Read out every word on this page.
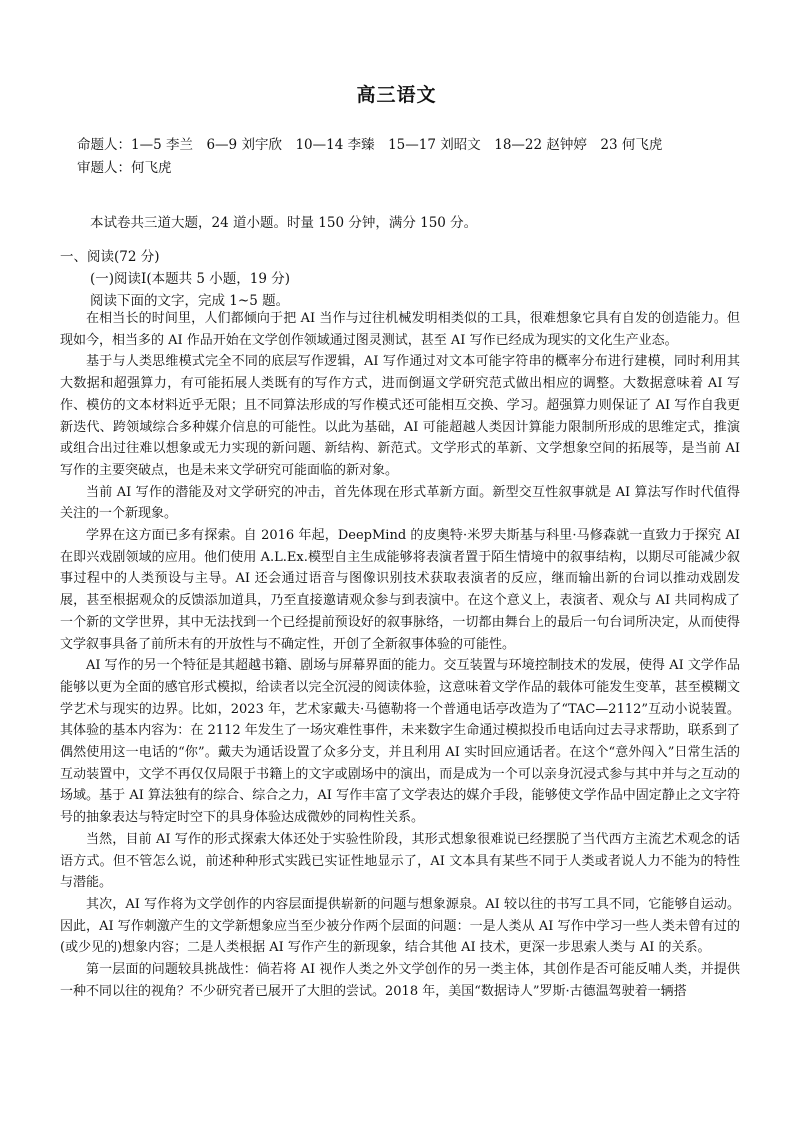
高三语文
命题人：1—5 李兰　6—9 刘宇欣　10—14 李臻　15—17 刘昭文　18—22 赵钟婷　23 何飞虎
审题人：何飞虎
本试卷共三道大题，24 道小题。时量 150 分钟，满分 150 分。
一、阅读(72 分)
(一)阅读Ⅰ(本题共 5 小题，19 分)
阅读下面的文字，完成 1~5 题。

在相当长的时间里，人们都倾向于把 AI 当作与过往机械发明相类似的工具，很难想象它具有自发的创造能力。但现如今，相当多的 AI 作品开始在文学创作领域通过图灵测试，甚至 AI 写作已经成为现实的文化生产业态。

基于与人类思维模式完全不同的底层写作逻辑，AI 写作通过对文本可能字符串的概率分布进行建模，同时利用其大数据和超强算力，有可能拓展人类既有的写作方式，进而倒逼文学研究范式做出相应的调整。大数据意味着 AI 写作、模仿的文本材料近乎无限；且不同算法形成的写作模式还可能相互交换、学习。超强算力则保证了 AI 写作自我更新迭代、跨领域综合多种媒介信息的可能性。以此为基础，AI 可能超越人类因计算能力限制所形成的思维定式，推演或组合出过往难以想象或无力实现的新问题、新结构、新范式。文学形式的革新、文学想象空间的拓展等，是当前 AI 写作的主要突破点，也是未来文学研究可能面临的新对象。

当前 AI 写作的潜能及对文学研究的冲击，首先体现在形式革新方面。新型交互性叙事就是 AI 算法写作时代值得关注的一个新现象。

学界在这方面已多有探索。自 2016 年起，DeepMind 的皮奥特·米罗夫斯基与科里·马修森就一直致力于探究 AI 在即兴戏剧领域的应用。他们使用 A.L.Ex.模型自主生成能够将表演者置于陌生情境中的叙事结构，以期尽可能减少叙事过程中的人类预设与主导。AI 还会通过语音与图像识别技术获取表演者的反应，继而输出新的台词以推动戏剧发展，甚至根据观众的反馈添加道具，乃至直接邀请观众参与到表演中。在这个意义上，表演者、观众与 AI 共同构成了一个新的文学世界，其中无法找到一个已经提前预设好的叙事脉络，一切都由舞台上的最后一句台词所决定，从而使得文学叙事具备了前所未有的开放性与不确定性，开创了全新叙事体验的可能性。

AI 写作的另一个特征是其超越书籍、剧场与屏幕界面的能力。交互装置与环境控制技术的发展，使得 AI 文学作品能够以更为全面的感官形式模拟，给读者以完全沉浸的阅读体验，这意味着文学作品的载体可能发生变革，甚至模糊文学艺术与现实的边界。比如，2023 年，艺术家戴夫·马德勒将一个普通电话亭改造为了“TAC—2112”互动小说装置。其体验的基本内容为：在 2112 年发生了一场灾难性事件，未来数字生命通过模拟投币电话向过去寻求帮助，联系到了偶然使用这一电话的“你”。戴夫为通话设置了众多分支，并且利用 AI 实时回应通话者。在这个“意外闯入”日常生活的互动装置中，文学不再仅仅局限于书籍上的文字或剧场中的演出，而是成为一个可以亲身沉浸式参与其中并与之互动的场域。基于 AI 算法独有的综合、综合之力，AI 写作丰富了文学表达的媒介手段，能够使文学作品中固定静止之文字符号的抽象表达与特定时空下的具身体验达成微妙的同构性关系。

当然，目前 AI 写作的形式探索大体还处于实验性阶段，其形式想象很难说已经摆脱了当代西方主流艺术观念的话语方式。但不管怎么说，前述种种形式实践已实证性地显示了，AI 文本具有某些不同于人类或者说人力不能为的特性与潜能。

其次，AI 写作将为文学创作的内容层面提供崭新的问题与想象源泉。AI 较以往的书写工具不同，它能够自运动。因此，AI 写作刺激产生的文学新想象应当至少被分作两个层面的问题：一是人类从 AI 写作中学习一些人类未曾有过的(或少见的)想象内容；二是人类根据 AI 写作产生的新现象，结合其他 AI 技术，更深一步思索人类与 AI 的关系。

第一层面的问题较具挑战性：倘若将 AI 视作人类之外文学创作的另一类主体，其创作是否可能反哺人类，并提供一种不同以往的视角？不少研究者已展开了大胆的尝试。2018 年，美国“数据诗人”罗斯·古德温驾驶着一辆搭
